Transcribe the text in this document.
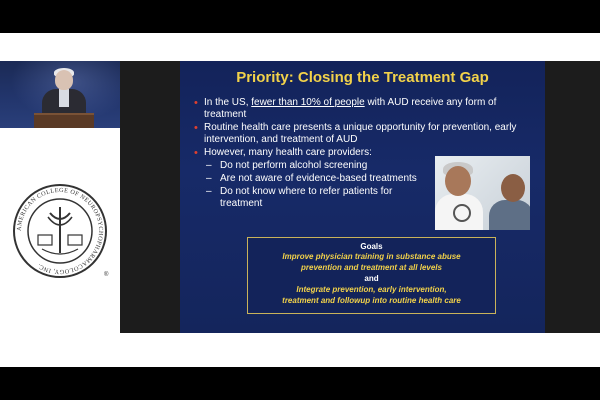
AMERICAN COLLEGE OF NEUROPSYCHOPHARMACOLOGY, INC.
®
Priority: Closing the Treatment Gap
• In the US, fewer than 10% of people with AUD receive any form of treatment
• Routine health care presents a unique opportunity for prevention, early intervention, and treatment of AUD
• However, many health care providers:
– Do not perform alcohol screening
– Are not aware of evidence-based treatments
– Do not know where to refer patients for treatment
Goals
Improve physician training in substance abuse
prevention and treatment at all levels
and
Integrate prevention, early intervention,
treatment and followup into routine health care
